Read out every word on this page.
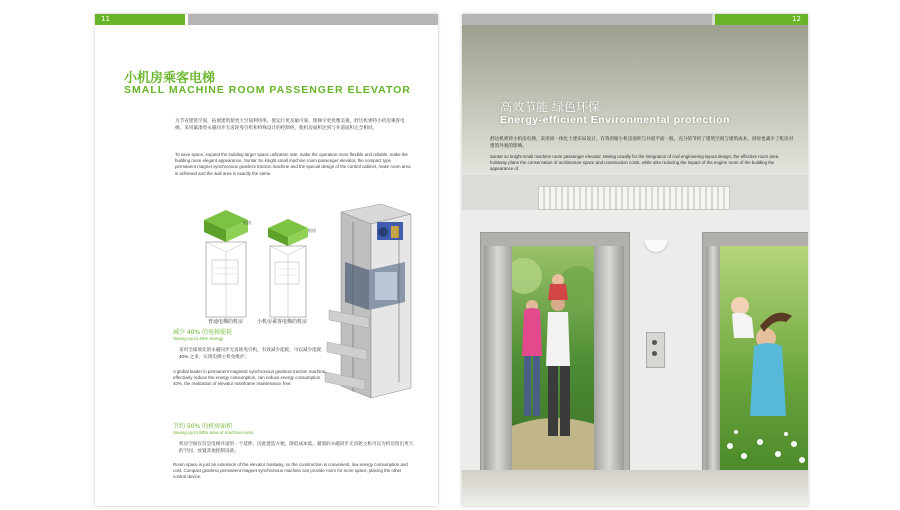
11
小机房乘客电梯
SMALL MACHINE ROOM PASSENGER ELEVATOR
为节省建筑空间，拓展建筑使更大空间利用率，使运行更及敏可靠，使梯字更优雅美观，舒达机密特小机房乘客电梯，采用紧凑型永磁同步无齿轮曳引机和特殊设计的控制柜，使机房面积达到与井道面积完全相同。
To save space, expand the building larger space utilization rate, make the operation more flexible and reliable, make the building more elegant appearance, Suntar So knight small machine room passenger elevator, the compact type permanent magnet synchronous gearless traction machine and the special design of the control cabinet, make room area is achieved and the wall area is exactly the same.
机房
机房
普通电梯的机房	小机房乘客电梯的机房
减少 40% 的电梯能耗
Saving up to 40% energy
采用全球领先的永磁同步无齿轮曳引机，有效减少能耗，可以减少能耗 40% 之多，实现电梯主机免维护。
A global leader in permanent magnetic synchronous gearless traction machine, effectively reduce the energy consumption, can reduce energy consumption 40%, the realization of elevator mainframe maintenance free.
节约 50% 的机房面积
Saving up to 50% area of machine room
机房空间仅仅是电梯井道的一个延伸，因此建造方便，降低成本低。紧凑的永磁同步无齿轮主机可以为机房留出更大的空间，放置其他控制设备。
Room space is just an extension of the elevator hoistway, so the construction is convenient, low energy consumption and cost. Compact gearless permanent magnet synchronous machine can provide room for more space, placing the other control device.
12
高效节能 绿色环保
Energy-efficient Environmental protection
舒达机密特小机房电梯，采用同一体化土建布局设计，有效的缩小机房面积与井道平面一般，充分的节约了建筑空间与建筑成本，同时也减少了机房对建筑外观的影响。
Suntar so knight small machine room passenger elevator, Mining usually for the integration of civil engineering layout design, the effective room area hoistway plane the conservation of architecture space and construction costs, while also reducing the impact of the engine room of the building the appearance of.
